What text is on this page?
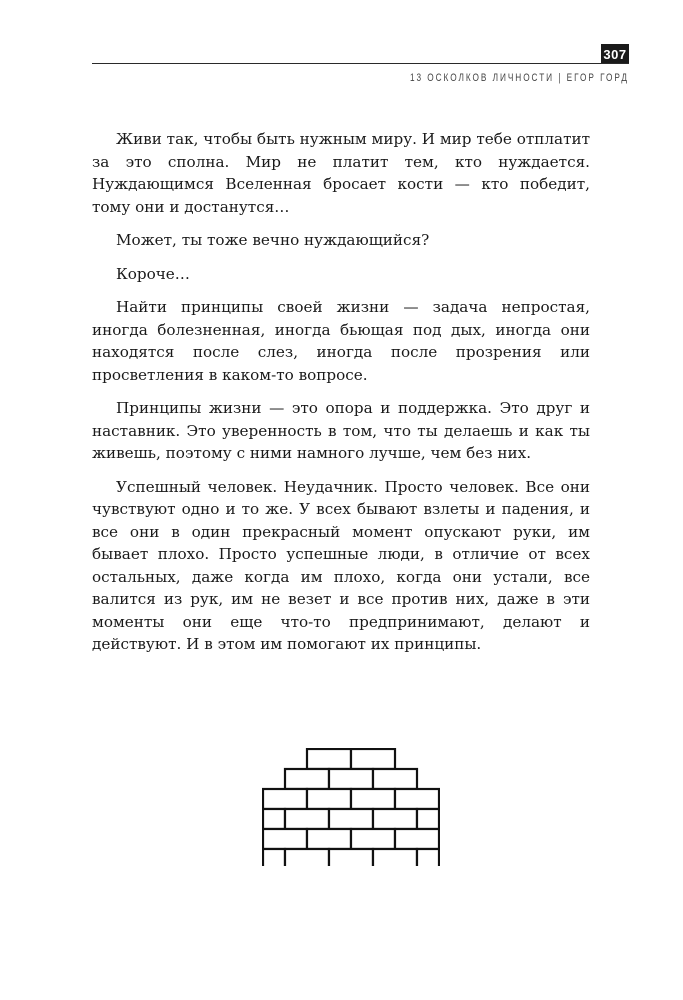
307
13 ОСКОЛКОВ ЛИЧНОСТИ | ЕГОР ГОРД

Живи так, чтобы быть нужным миру. И мир тебе отплатит за это сполна. Мир не платит тем, кто нуждается. Нуждающимся Вселенная бросает кости — кто победит, тому они и достанутся…

Может, ты тоже вечно нуждающийся?

Короче…

Найти принципы своей жизни — задача непростая, иногда болезненная, иногда бьющая под дых, иногда они находятся после слез, иногда после прозрения или просветления в каком-то вопросе.

Принципы жизни — это опора и поддержка. Это друг и наставник. Это уверенность в том, что ты делаешь и как ты живешь, поэтому с ними намного лучше, чем без них.

Успешный человек. Неудачник. Просто человек. Все они чувствуют одно и то же. У всех бывают взлеты и падения, и все они в один прекрасный момент опускают руки, им бывает плохо. Просто успешные люди, в отличие от всех остальных, даже когда им плохо, когда они устали, все валится из рук, им не везет и все против них, даже в эти моменты они еще что-то предпринимают, делают и действуют. И в этом им помогают их принципы.
